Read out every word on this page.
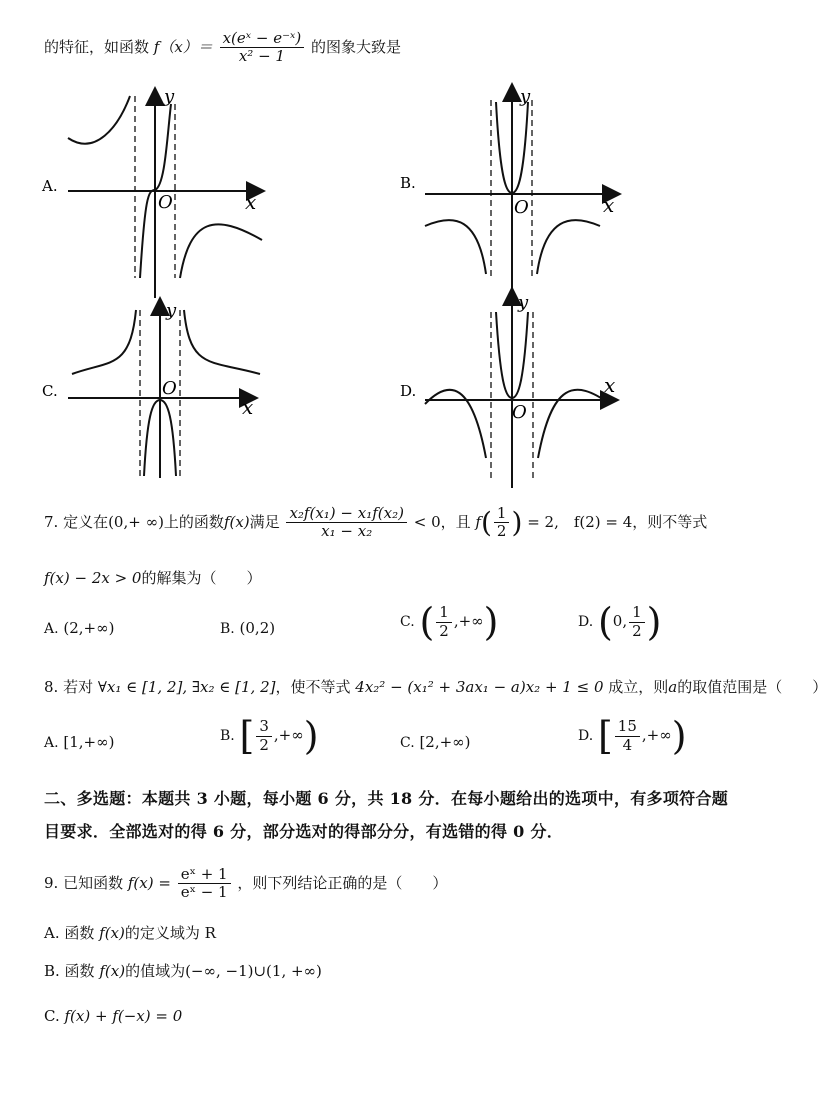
的特征，如函数 $f(x)= \frac{\text{x(eˣ − e⁻ˣ)}}{\text{x² − 1}}$ 的图象大致是
A.
O	x
y
B.
O	x
y
C.	O
x
y
D.
O
x
y
7. 定义在(0,+ ∞)上的函数f(x)满足 $\frac{\text{x₂f(x₁) − x₁f(x₂)}}{\text{x₁ − x₂}} < 0$，且 $f( \frac{1}{2}$ ) = 2,　f(2) = 4，则不等式
f(x) − 2x > 0的解集为（　　）
A. (2,+∞)	B. (0,2)	C. ( $\frac{1}{2}$ ,+∞)	D. (0, $\frac{1}{2}$ )
8. 若对 ∀x₁ ∈ [1, 2], ∃x₂ ∈ [1, 2]，使不等式 4x₂² − (x₁² + 3ax₁ − a)x₂ + 1 ≤ 0 成立，则a的取值范围是（　　）
A. [1,+∞)	B. [ $\frac{3}{2}$ ,+∞)	C. [2,+∞)	D. [ $\frac{15}{4}$ ,+∞)
二、多选题：本题共 3 小题，每小题 6 分，共 18 分．在每小题给出的选项中，有多项符合题
目要求．全部选对的得 6 分，部分选对的得部分分，有选错的得 0 分．
9. 已知函数 $f(x) = \frac{\text{eˣ + 1}}{\text{eˣ − 1}}$ ，则下列结论正确的是（　　）
A. 函数 f(x)的定义域为 R
B. 函数 f(x)的值域为(−∞, −1)∪(1, +∞)
C. f(x) + f(−x) = 0
